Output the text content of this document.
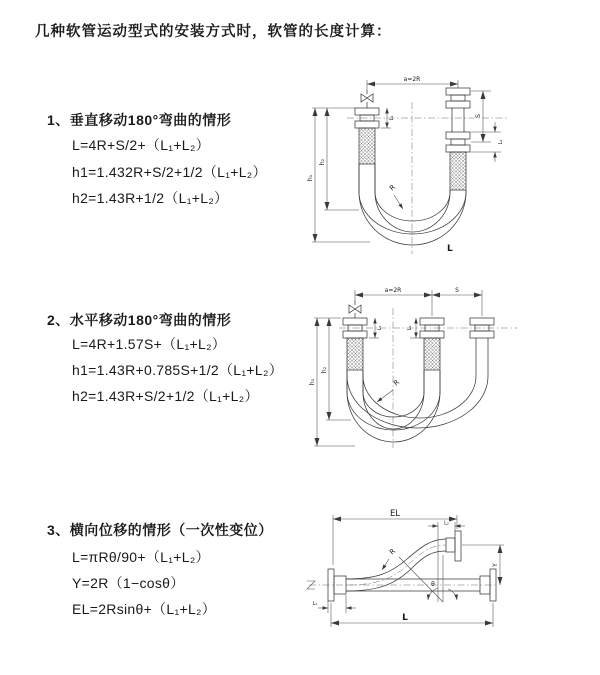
几种软管运动型式的安装方式时，软管的长度计算：
1、垂直移动180°弯曲的情形
L=4R+S/2+（L₁+L₂）
h1=1.432R+S/2+1/2（L₁+L₂）
h2=1.43R+1/2（L₁+L₂）
a=2R
R
h₁
h₂
L₁	S
L₂
L
2、水平移动180°弯曲的情形
L=4R+1.57S+（L₁+L₂）
h1=1.43R+0.785S+1/2（L₁+L₂）
h2=1.43R+S/2+1/2（L₁+L₂）
a=2R	S
R
h₁
h₂
L₁	L₂
3、横向位移的情形（一次性变位）
L=πRθ/90+（L₁+L₂）
Y=2R（1−cosθ）
EL=2Rsinθ+（L₁+L₂）
EL
L₂
Y
R
θ
L
L₁
